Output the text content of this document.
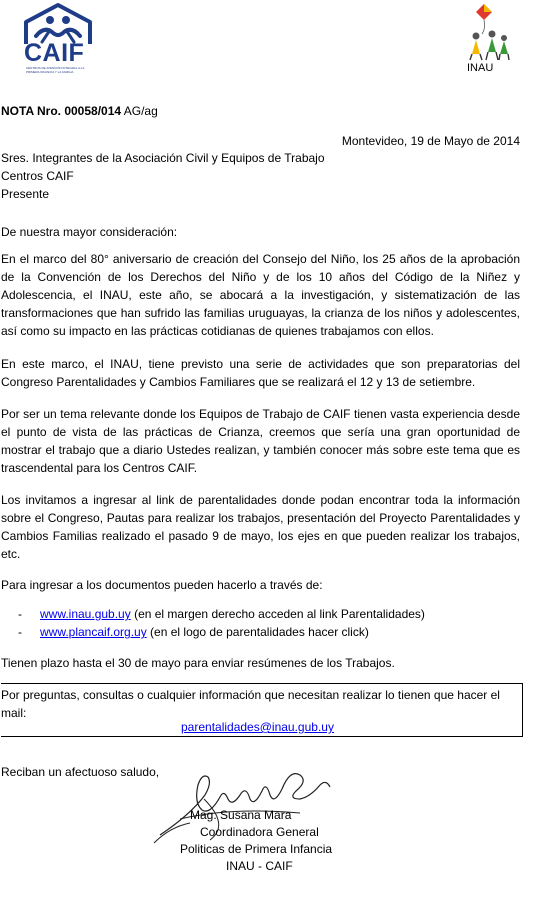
CAIF
CENTROS DE ATENCIÓN INTEGRAL A LA PRIMERA INFANCIA Y LA FAMILIA	INAU
NOTA Nro. 00058/014 AG/ag
Montevideo, 19 de Mayo de 2014
Sres. Integrantes de la Asociación Civil y Equipos de Trabajo
Centros CAIF
Presente
De nuestra mayor consideración:

En el marco del 80° aniversario de creación del Consejo del Niño, los 25 años de la aprobación de la Convención de los Derechos del Niño y de los 10 años del Código de la Niñez y Adolescencia, el INAU, este año, se abocará a la investigación, y sistematización de las transformaciones que han sufrido las familias uruguayas, la crianza de los niños y adolescentes, así como su impacto en las prácticas cotidianas de quienes trabajamos con ellos.

En este marco, el INAU, tiene previsto una serie de actividades que son preparatorias del Congreso Parentalidades y Cambios Familiares que se realizará el 12 y 13 de setiembre.

Por ser un tema relevante donde los Equipos de Trabajo de CAIF tienen vasta experiencia desde el punto de vista de las prácticas de Crianza, creemos que sería una gran oportunidad de mostrar el trabajo que a diario Ustedes realizan, y también conocer más sobre este tema que es trascendental para los Centros CAIF.

Los invitamos a ingresar al link de parentalidades donde podan encontrar toda la información sobre el Congreso, Pautas para realizar los trabajos, presentación del Proyecto Parentalidades y Cambios Familias realizado el pasado 9 de mayo, los ejes en que pueden realizar los trabajos, etc.

Para ingresar a los documentos pueden hacerlo a través de:
-	www.inau.gub.uy (en el margen derecho acceden al link Parentalidades)
-	www.plancaif.org.uy (en el logo de parentalidades hacer click)
Tienen plazo hasta el 30 de mayo para enviar resúmenes de los Trabajos.
Por preguntas, consultas o cualquier información que necesitan realizar lo tienen que hacer el mail:
parentalidades@inau.gub.uy
Reciban un afectuoso saludo,
Mag. Susana Mara
Coordinadora General
Politicas de Primera Infancia
INAU - CAIF
